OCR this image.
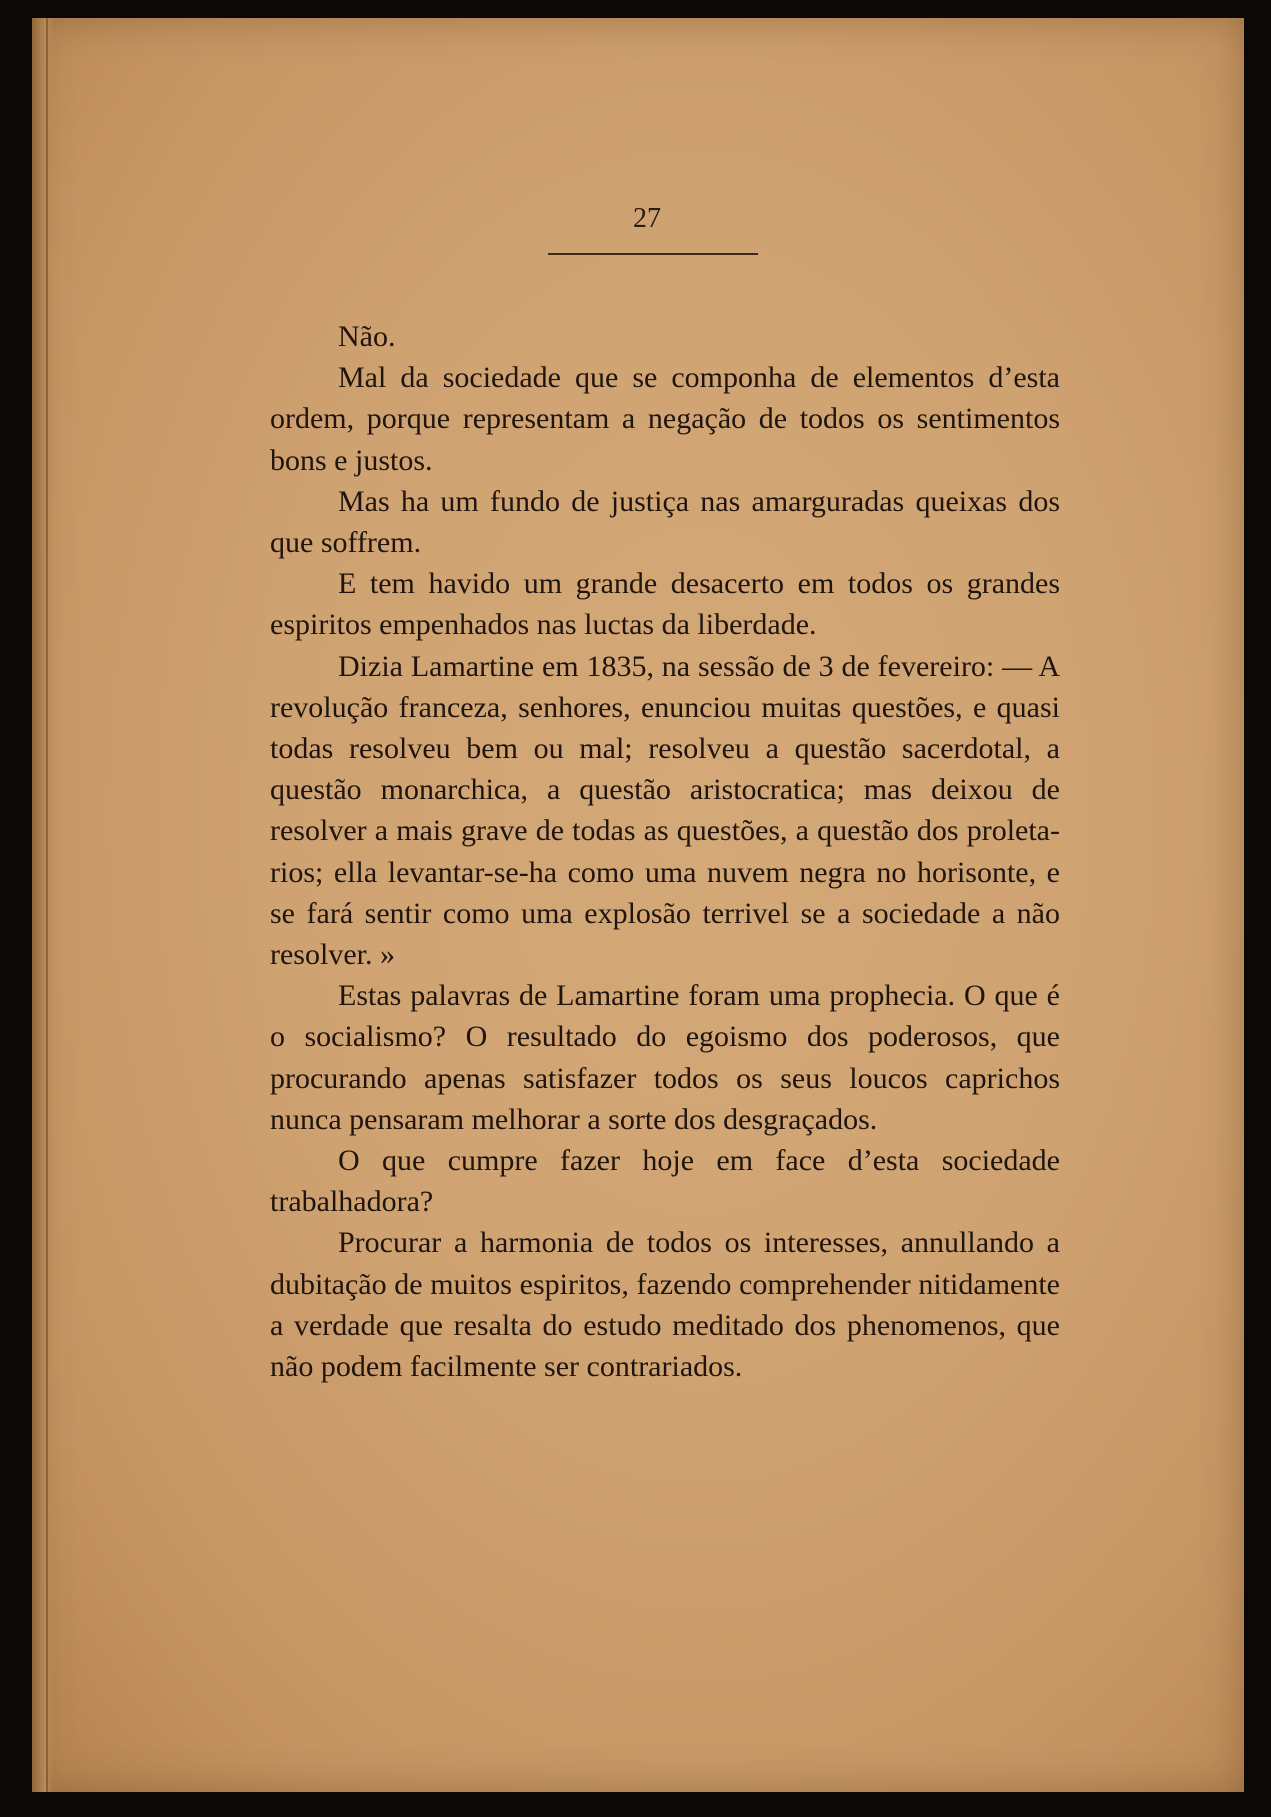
27

Não.

Mal da sociedade que se componha de elementos d’esta ordem, porque representam a negação de todos os sentimentos bons e justos.

Mas ha um fundo de justiça nas amarguradas queixas dos que soffrem.

E tem havido um grande desacerto em todos os grandes espiritos empenhados nas luctas da liberdade.

Dizia Lamartine em 1835, na sessão de 3 de fevereiro: — A revolução franceza, senhores, enunciou muitas questões, e quasi todas resolveu bem ou mal; resolveu a questão sacerdotal, a questão monarchica, a questão aristocratica; mas deixou de resolver a mais grave de todas as questões, a questão dos proletarios; ella levantar-se-ha como uma nuvem negra no horisonte, e se fará sentir como uma explosão terrivel se a sociedade a não resolver. »

Estas palavras de Lamartine foram uma prophecia. O que é o socialismo? O resultado do egoismo dos poderosos, que procurando apenas satisfazer todos os seus loucos caprichos nunca pensaram melhorar a sorte dos desgraçados.

O que cumpre fazer hoje em face d’esta sociedade trabalhadora?

Procurar a harmonia de todos os interesses, annullando a dubitação de muitos espiritos, fazendo comprehender nitidamente a verdade que resalta do estudo meditado dos phenomenos, que não podem facilmente ser contrariados.
